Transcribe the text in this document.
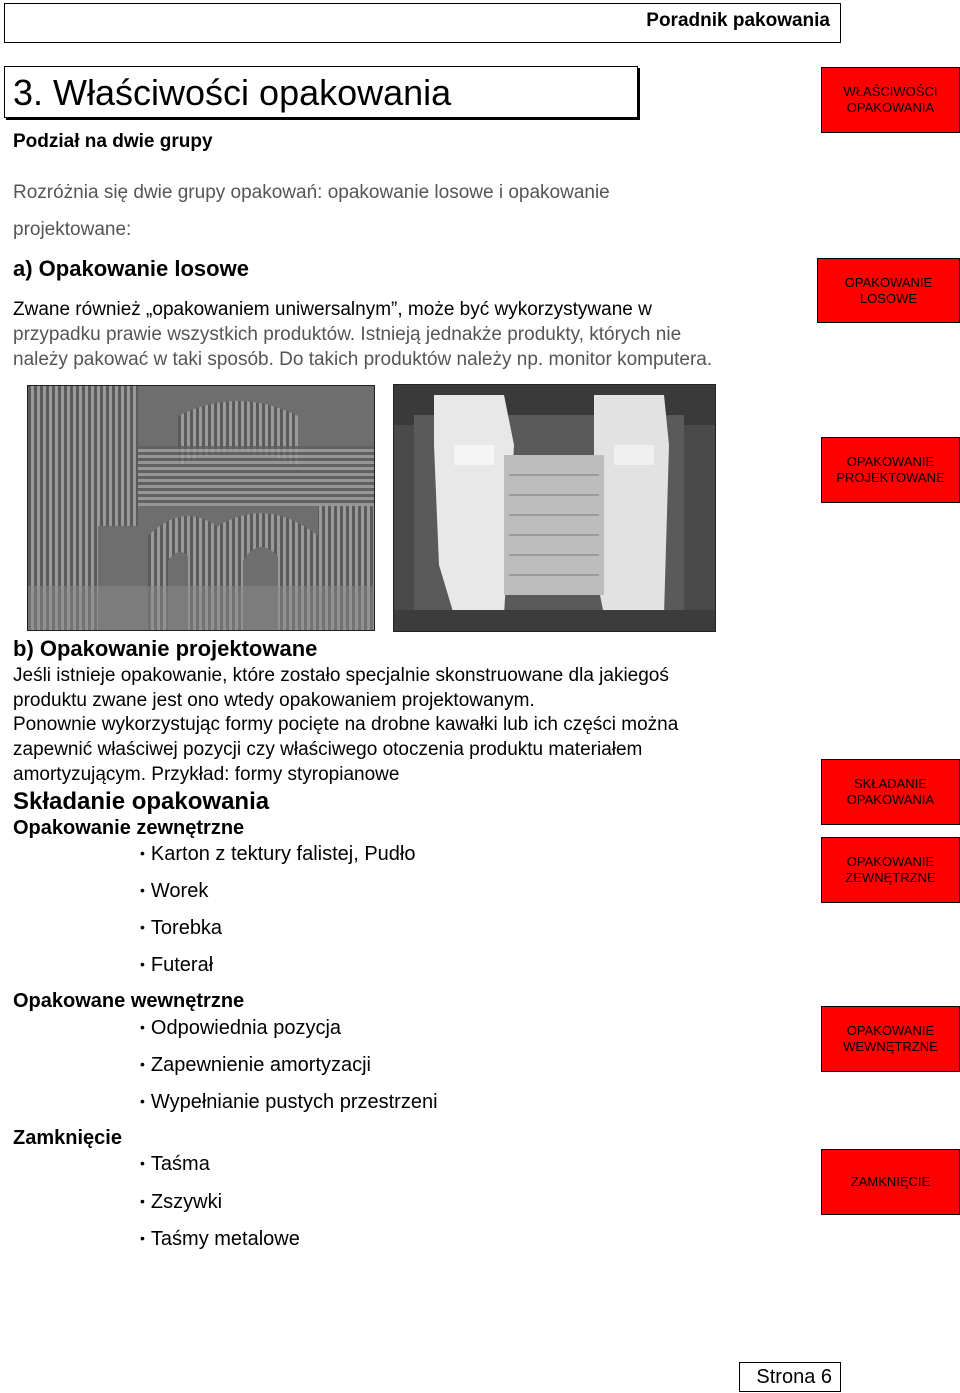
Poradnik pakowania
3. Właściwości opakowania
Podział na dwie grupy
Rozróżnia się dwie grupy opakowań: opakowanie losowe i opakowanie
projektowane:
a) Opakowanie losowe
Zwane również „opakowaniem uniwersalnym”, może być wykorzystywane w
przypadku prawie wszystkich produktów. Istnieją jednakże produkty, których nie
należy pakować w taki sposób. Do takich produktów należy np. monitor komputera.
b) Opakowanie projektowane
Jeśli istnieje opakowanie, które zostało specjalnie skonstruowane dla jakiegoś
produktu zwane jest ono wtedy opakowaniem projektowanym.
Ponownie wykorzystując formy pocięte na drobne kawałki lub ich części można
zapewnić właściwej pozycji czy właściwego otoczenia produktu materiałem
amortyzującym. Przykład: formy styropianowe
Składanie opakowania
Opakowanie zewnętrzne
• Karton z tektury falistej, Pudło
• Worek
• Torebka
• Futerał
Opakowane wewnętrzne
• Odpowiednia pozycja
• Zapewnienie amortyzacji
• Wypełnianie pustych przestrzeni
Zamknięcie
• Taśma
• Zszywki
• Taśmy metalowe
WŁAŚCIWOŚCI
OPAKOWANIA
OPAKOWANIE
LOSOWE
OPAKOWANIE
PROJEKTOWANE
SKŁADANIE
OPAKOWANIA
OPAKOWANIE
ZEWNĘTRZNE
OPAKOWANIE
WEWNĘTRZNE
ZAMKNIĘCIE
Strona 6
